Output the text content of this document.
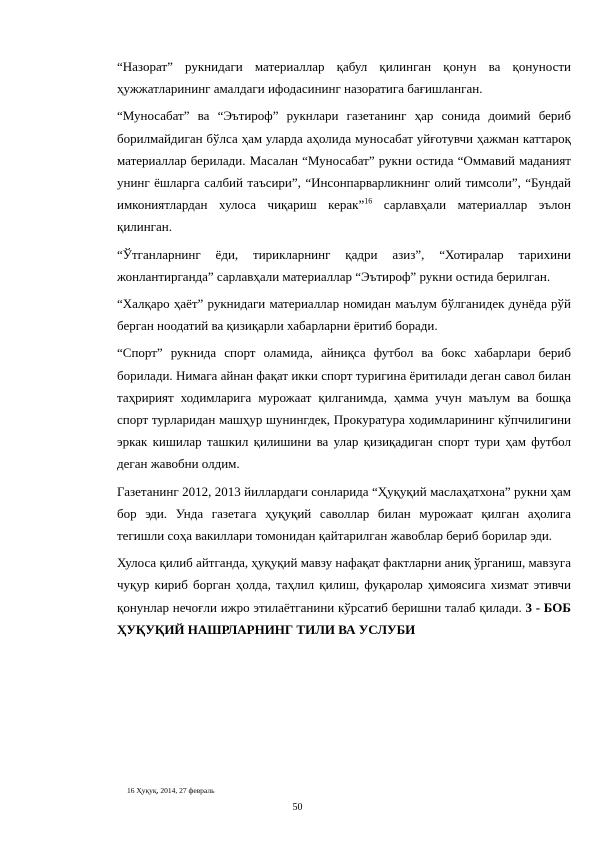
“Назорат” рукнидаги материаллар қабул қилинган қонун ва қонуности ҳужжатларининг амалдаги ифодасининг назоратига бағишланган.

“Муносабат” ва “Эътироф” рукнлари газетанинг ҳар сонида доимий бериб борилмайдиган бўлса ҳам уларда аҳолида муносабат уйғотувчи ҳажман каттароқ материаллар берилади. Масалан “Муносабат” рукни остида “Оммавий маданият унинг ёшларга салбий таъсири”, “Инсонпарварликнинг олий тимсоли”, “Бундай имкониятлардан хулоса чиқариш керак”$^{16}$ сарлавҳали материаллар эълон қилинган.

“Ўтганларнинг ёди, тирикларнинг қадри азиз”, “Хотиралар тарихини жонлантирганда” сарлавҳали материаллар “Эътироф” рукни остида берилган.

“Халқаро ҳаёт” рукнидаги материаллар номидан маълум бўлганидек дунёда рўй берган ноодатий ва қизиқарли хабарларни ёритиб боради.

“Спорт” рукнида спорт оламида, айниқса футбол ва бокс хабарлари бериб борилади. Нимага айнан фақат икки спорт туригина ёритилади деган савол билан таҳририят ходимларига мурожаат қилганимда, ҳамма учун маълум ва бошқа спорт турларидан машҳур шунингдек, Прокуратура ходимларининг кўпчилигини эркак кишилар ташкил қилишини ва улар қизиқадиган спорт тури ҳам футбол деган жавобни олдим.

Газетанинг 2012, 2013 йиллардаги сонларида “Ҳуқуқий маслаҳатхона” рукни ҳам бор эди. Унда газетага ҳуқуқий саволлар билан мурожаат қилган аҳолига тегишли соҳа вакиллари томонидан қайтарилган жавоблар бериб борилар эди.

Хулоса қилиб айтганда, ҳуқуқий мавзу нафақат фактларни аниқ ўрганиш, мавзуга чуқур кириб борган ҳолда, таҳлил қилиш, фуқаролар ҳимоясига хизмат этивчи қонунлар нечоғли ижро этилаётганини кўрсатиб беришни талаб қилади. 3 - БОБ ҲУҚУҚИЙ НАШРЛАРНИНГ ТИЛИ ВА УСЛУБИ

16 Ҳуқуқ, 2014, 27 февраль
50
